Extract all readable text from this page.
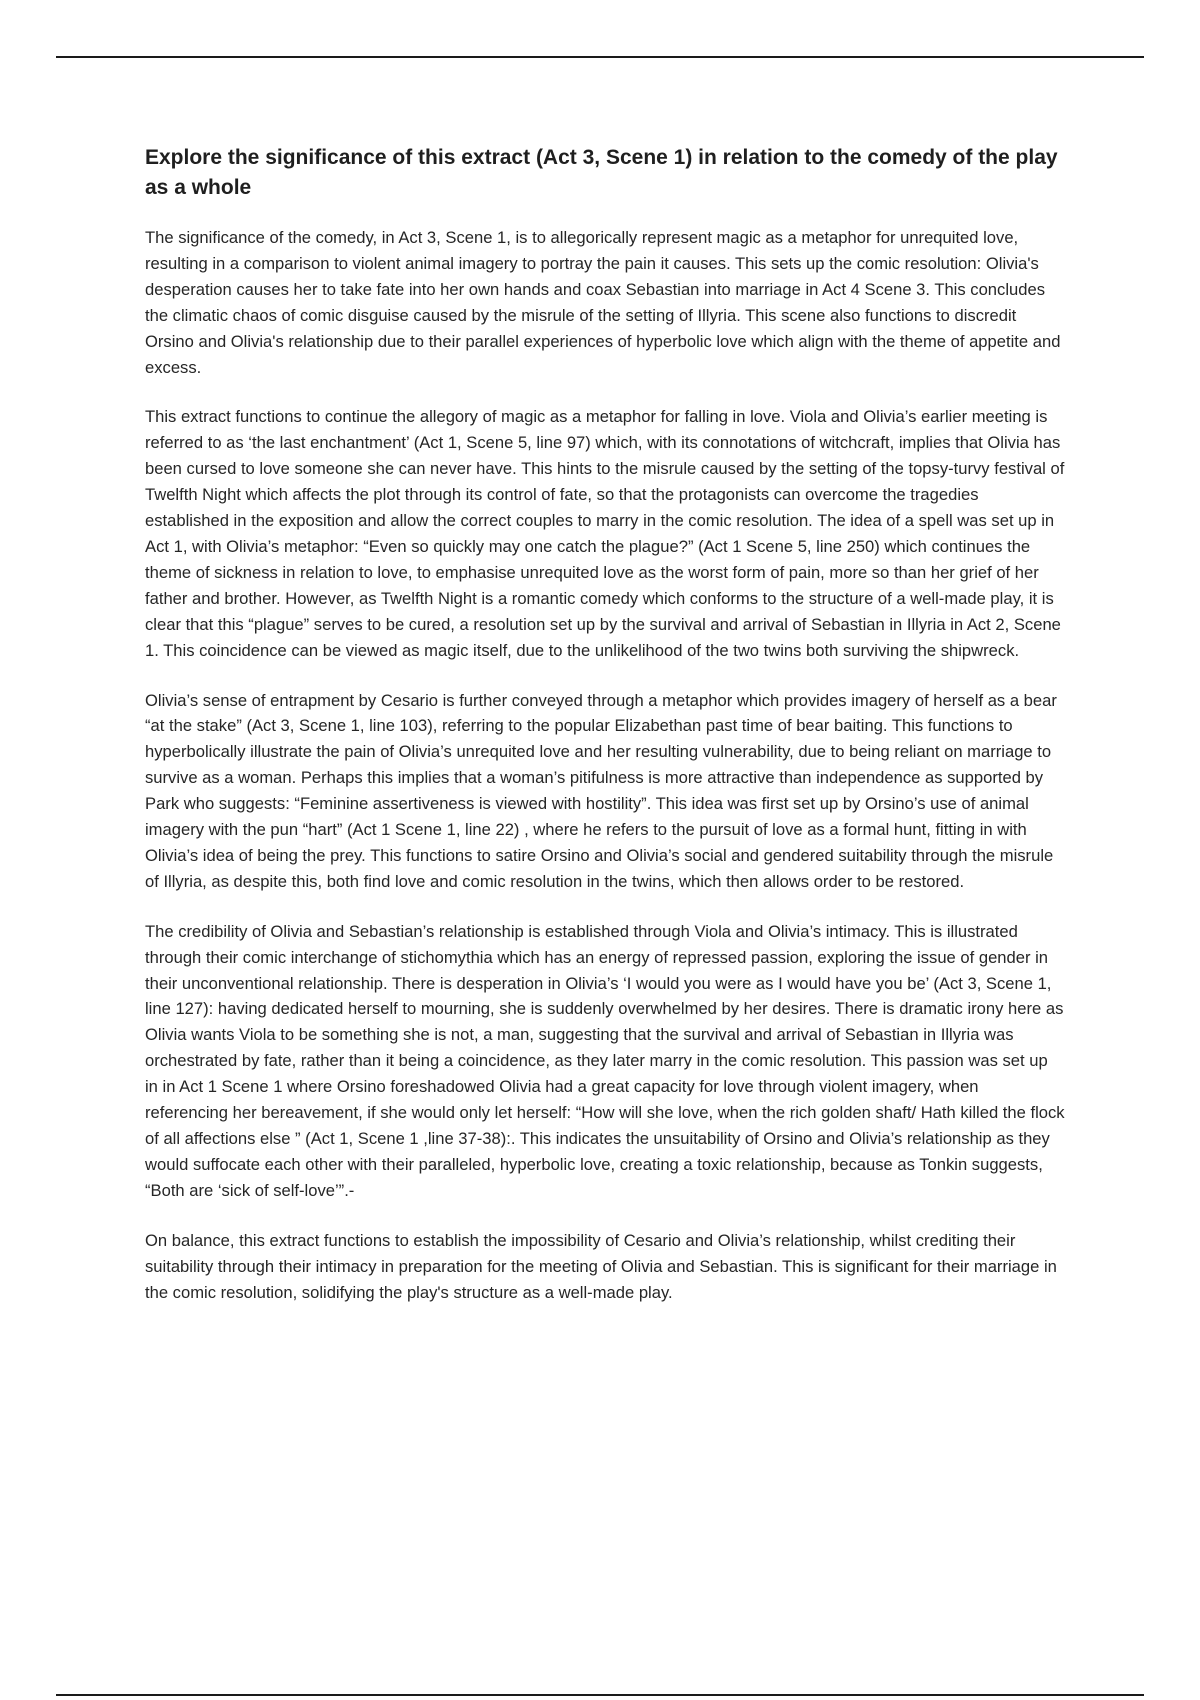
Explore the significance of this extract (Act 3, Scene 1) in relation to the comedy of the play as a whole

The significance of the comedy, in Act 3, Scene 1, is to allegorically represent magic as a metaphor for unrequited love, resulting in a comparison to violent animal imagery to portray the pain it causes. This sets up the comic resolution: Olivia's desperation causes her to take fate into her own hands and coax Sebastian into marriage in Act 4 Scene 3. This concludes the climatic chaos of comic disguise caused by the misrule of the setting of Illyria. This scene also functions to discredit Orsino and Olivia's relationship due to their parallel experiences of hyperbolic love which align with the theme of appetite and excess.

This extract functions to continue the allegory of magic as a metaphor for falling in love. Viola and Olivia’s earlier meeting is referred to as ‘the last enchantment’ (Act 1, Scene 5, line 97) which, with its connotations of witchcraft, implies that Olivia has been cursed to love someone she can never have. This hints to the misrule caused by the setting of the topsy-turvy festival of Twelfth Night which affects the plot through its control of fate, so that the protagonists can overcome the tragedies established in the exposition and allow the correct couples to marry in the comic resolution. The idea of a spell was set up in Act 1, with Olivia’s metaphor: “Even so quickly may one catch the plague?” (Act 1 Scene 5, line 250) which continues the theme of sickness in relation to love, to emphasise unrequited love as the worst form of pain, more so than her grief of her father and brother. However, as Twelfth Night is a romantic comedy which conforms to the structure of a well-made play, it is clear that this “plague” serves to be cured, a resolution set up by the survival and arrival of Sebastian in Illyria in Act 2, Scene 1. This coincidence can be viewed as magic itself, due to the unlikelihood of the two twins both surviving the shipwreck.

Olivia’s sense of entrapment by Cesario is further conveyed through a metaphor which provides imagery of herself as a bear “at the stake” (Act 3, Scene 1, line 103), referring to the popular Elizabethan past time of bear baiting. This functions to hyperbolically illustrate the pain of Olivia’s unrequited love and her resulting vulnerability, due to being reliant on marriage to survive as a woman. Perhaps this implies that a woman’s pitifulness is more attractive than independence as supported by Park who suggests: “Feminine assertiveness is viewed with hostility”. This idea was first set up by Orsino’s use of animal imagery with the pun “hart” (Act 1 Scene 1, line 22) , where he refers to the pursuit of love as a formal hunt, fitting in with Olivia’s idea of being the prey. This functions to satire Orsino and Olivia’s social and gendered suitability through the misrule of Illyria, as despite this, both find love and comic resolution in the twins, which then allows order to be restored.

The credibility of Olivia and Sebastian’s relationship is established through Viola and Olivia’s intimacy. This is illustrated through their comic interchange of stichomythia which has an energy of repressed passion, exploring the issue of gender in their unconventional relationship. There is desperation in Olivia’s ‘I would you were as I would have you be’ (Act 3, Scene 1, line 127): having dedicated herself to mourning, she is suddenly overwhelmed by her desires. There is dramatic irony here as Olivia wants Viola to be something she is not, a man, suggesting that the survival and arrival of Sebastian in Illyria was orchestrated by fate, rather than it being a coincidence, as they later marry in the comic resolution. This passion was set up in in Act 1 Scene 1 where Orsino foreshadowed Olivia had a great capacity for love through violent imagery, when referencing her bereavement, if she would only let herself: “How will she love, when the rich golden shaft/ Hath killed the flock of all affections else ” (Act 1, Scene 1 ,line 37-38):. This indicates the unsuitability of Orsino and Olivia’s relationship as they would suffocate each other with their paralleled, hyperbolic love, creating a toxic relationship, because as Tonkin suggests, “Both are ‘sick of self-love’”.-

On balance, this extract functions to establish the impossibility of Cesario and Olivia’s relationship, whilst crediting their suitability through their intimacy in preparation for the meeting of Olivia and Sebastian. This is significant for their marriage in the comic resolution, solidifying the play's structure as a well-made play.
